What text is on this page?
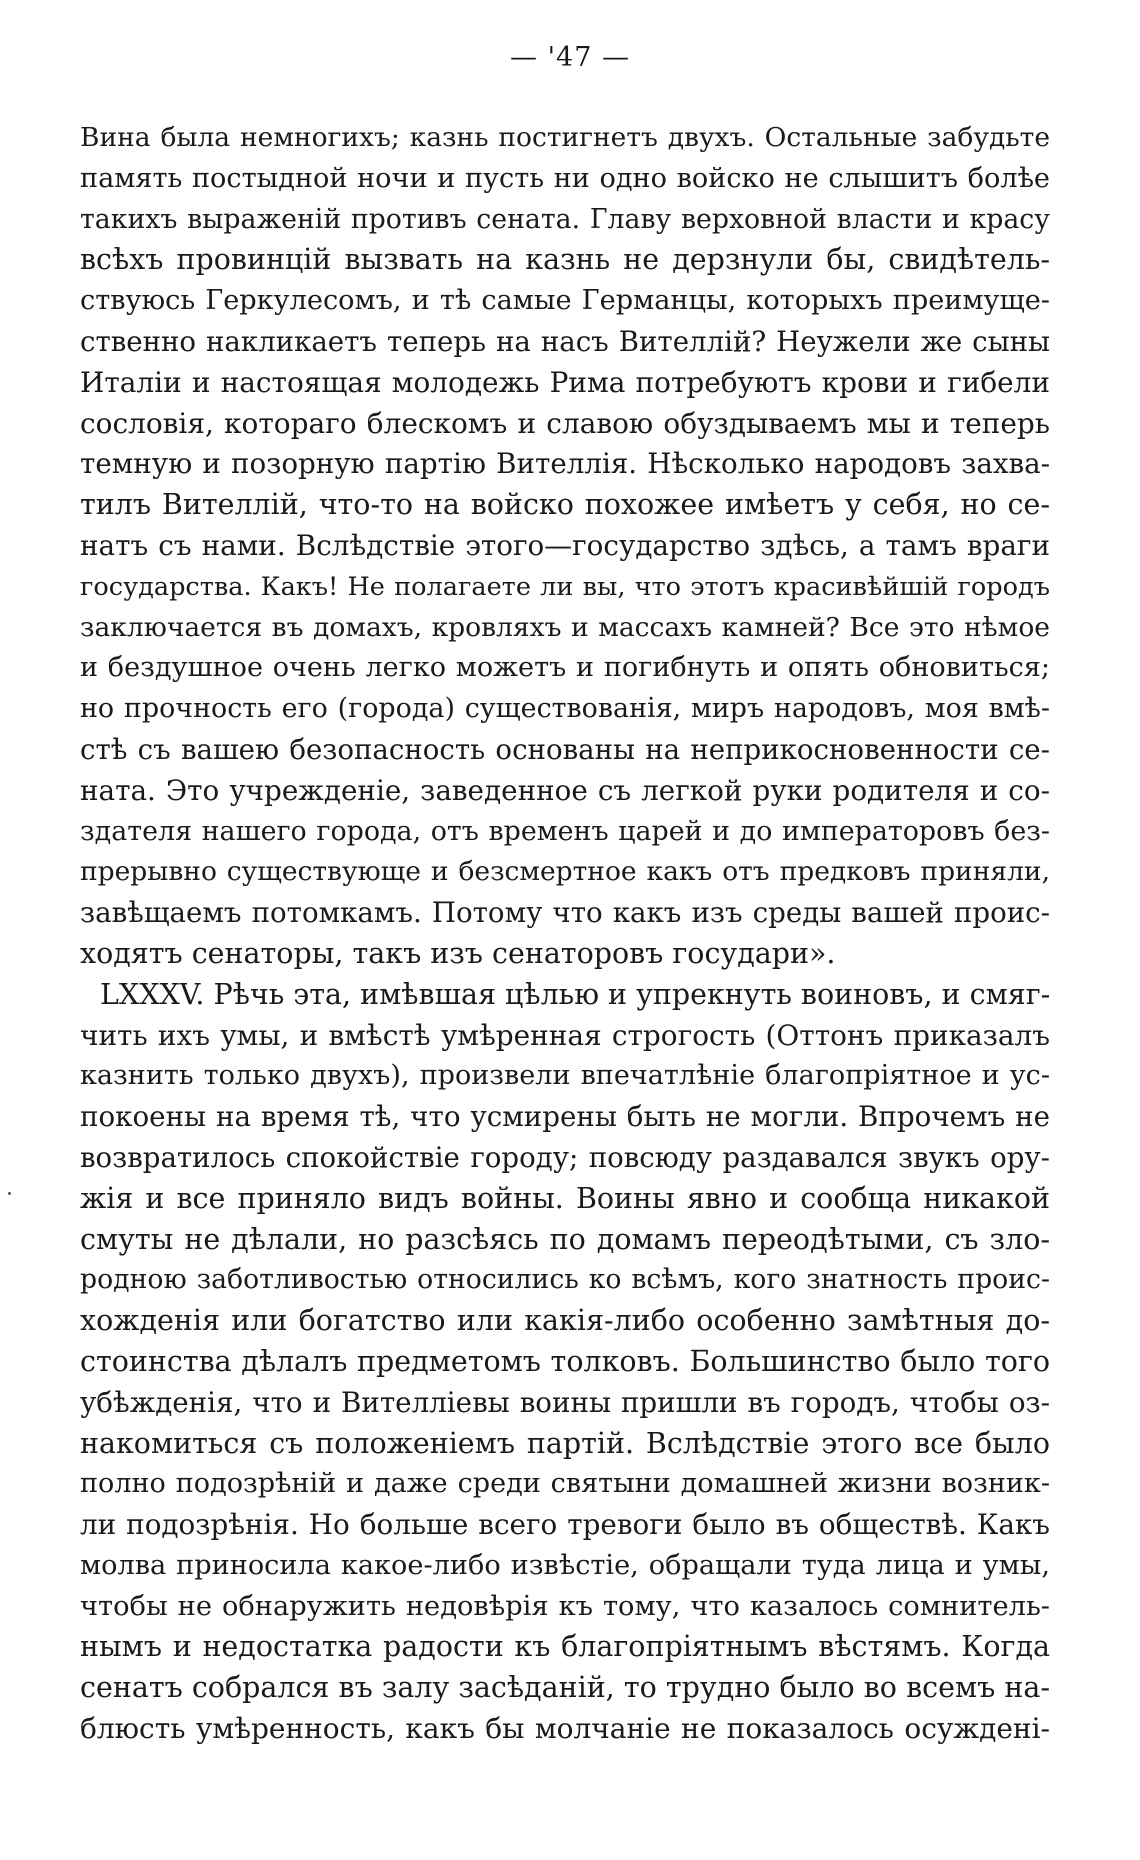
— '47 —
Вина была немногихъ; казнь постигнетъ двухъ. Остальные забудьте
память постыдной ночи и пусть ни одно войско не слышитъ болѣе
такихъ выраженій противъ сената. Главу верховной власти и красу
всѣхъ провинцій вызвать на казнь не дерзнули бы, свидѣтель-
ствуюсь Геркулесомъ, и тѣ самые Германцы, которыхъ преимуще-
ственно накликаетъ теперь на насъ Вителлій? Неужели же сыны
Италіи и настоящая молодежь Рима потребуютъ крови и гибели
сословія, котораго блескомъ и славою обуздываемъ мы и теперь
темную и позорную партію Вителлія. Нѣсколько народовъ захва-
тилъ Вителлій, что-то на войско похожее имѣетъ у себя, но се-
натъ съ нами. Вслѣдствіе этого—государство здѣсь, а тамъ враги
государства. Какъ! Не полагаете ли вы, что этотъ красивѣйшій городъ
заключается въ домахъ, кровляхъ и массахъ камней? Все это нѣмое
и бездушное очень легко можетъ и погибнуть и опять обновиться;
но прочность его (города) существованія, миръ народовъ, моя вмѣ-
стѣ съ вашею безопасность основаны на неприкосновенности се-
ната. Это учрежденіе, заведенное съ легкой руки родителя и со-
здателя нашего города, отъ временъ царей и до императоровъ без-
прерывно существующе и безсмертное какъ отъ предковъ приняли,
завѣщаемъ потомкамъ. Потому что какъ изъ среды вашей проис-
ходятъ сенаторы, такъ изъ сенаторовъ государи».
LXXXV. Рѣчь эта, имѣвшая цѣлью и упрекнуть воиновъ, и смяг-
чить ихъ умы, и вмѣстѣ умѣренная строгость (Оттонъ приказалъ
казнить только двухъ), произвели впечатлѣніе благопріятное и ус-
покоены на время тѣ, что усмирены быть не могли. Впрочемъ не
возвратилось спокойствіе городу; повсюду раздавался звукъ ору-
жія и все приняло видъ войны. Воины явно и сообща никакой
смуты не дѣлали, но разсѣясь по домамъ переодѣтыми, съ зло-
родною заботливостью относились ко всѣмъ, кого знатность проис-
хожденія или богатство или какія-либо особенно замѣтныя до-
стоинства дѣлалъ предметомъ толковъ. Большинство было того
убѣжденія, что и Вителліевы воины пришли въ городъ, чтобы оз-
накомиться съ положеніемъ партій. Вслѣдствіе этого все было
полно подозрѣній и даже среди святыни домашней жизни возник-
ли подозрѣнія. Но больше всего тревоги было въ обществѣ. Какъ
молва приносила какое-либо извѣстіе, обращали туда лица и умы,
чтобы не обнаружить недовѣрія къ тому, что казалось сомнитель-
нымъ и недостатка радости къ благопріятнымъ вѣстямъ. Когда
сенатъ собрался въ залу засѣданій, то трудно было во всемъ на-
блюсть умѣренность, какъ бы молчаніе не показалось осуждені-
